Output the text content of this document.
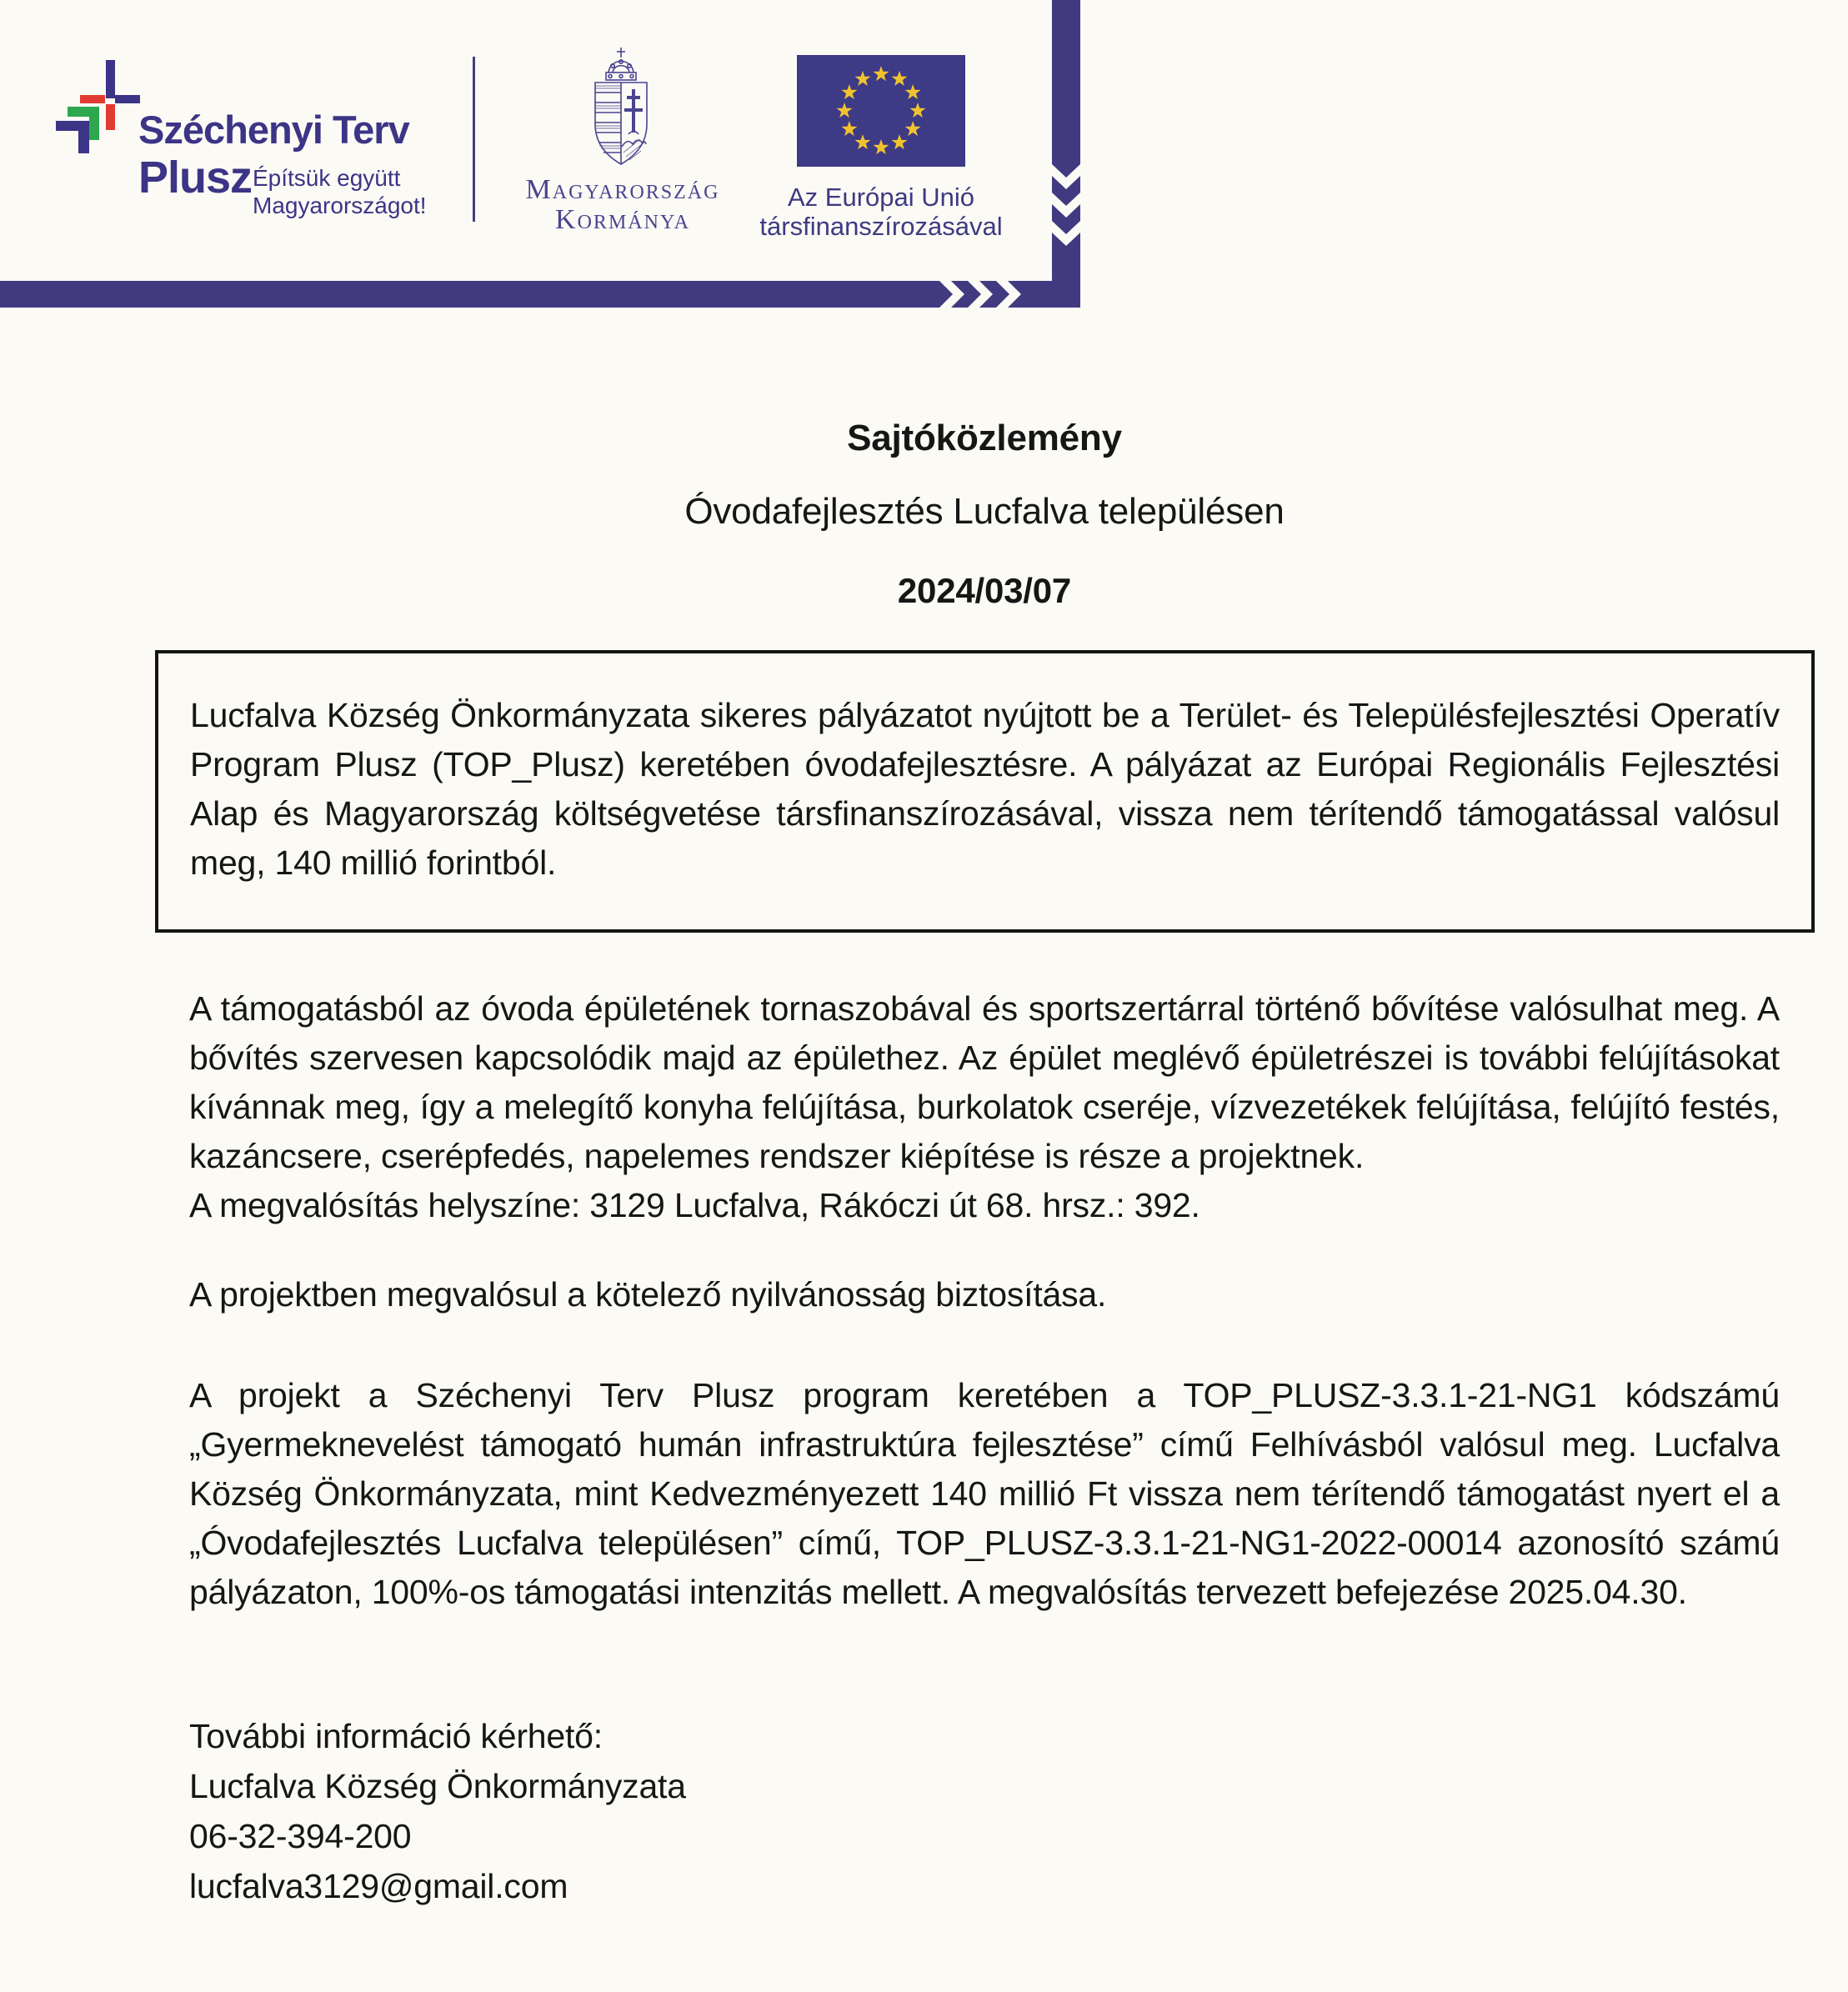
Széchenyi Terv
Plusz Építsük együtt
Magyarországot!
Magyarország
Kormánya
Az Európai Unió
társfinanszírozásával
Sajtóközlemény
Óvodafejlesztés Lucfalva településen
2024/03/07
Lucfalva Község Önkormányzata sikeres pályázatot nyújtott be a Terület- és Településfejlesztési Operatív Program Plusz (TOP_Plusz) keretében óvodafejlesztésre. A pályázat az Európai Regionális Fejlesztési Alap és Magyarország költségvetése társfinanszírozásával, vissza nem térítendő támogatással valósul meg, 140 millió forintból.
A támogatásból az óvoda épületének tornaszobával és sportszertárral történő bővítése valósulhat meg. A bővítés szervesen kapcsolódik majd az épülethez. Az épület meglévő épületrészei is további felújításokat kívánnak meg, így a melegítő konyha felújítása, burkolatok cseréje, vízvezetékek felújítása, felújító festés, kazáncsere, cserépfedés, napelemes rendszer kiépítése is része a projektnek.
A megvalósítás helyszíne: 3129 Lucfalva, Rákóczi út 68. hrsz.: 392.
A projektben megvalósul a kötelező nyilvánosság biztosítása.
A projekt a Széchenyi Terv Plusz program keretében a TOP_PLUSZ-3.3.1-21-NG1 kódszámú „Gyermeknevelést támogató humán infrastruktúra fejlesztése” című Felhívásból valósul meg. Lucfalva Község Önkormányzata, mint Kedvezményezett 140 millió Ft vissza nem térítendő támogatást nyert el a „Óvodafejlesztés Lucfalva településen” című, TOP_PLUSZ-3.3.1-21-NG1-2022-00014 azonosító számú pályázaton, 100%-os támogatási intenzitás mellett. A megvalósítás tervezett befejezése 2025.04.30.
További információ kérhető:
Lucfalva Község Önkormányzata
06-32-394-200
lucfalva3129@gmail.com
